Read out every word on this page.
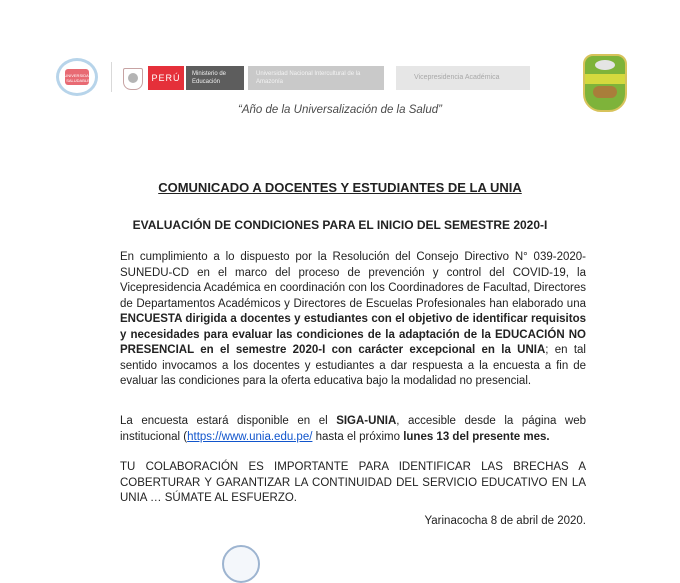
UNIVERSIDAD SALUDABLE	PERÚ	Ministerio de Educación
Universidad Nacional Intercultural de la Amazonía
Vicepresidencia Académica
“Año de la Universalización de la Salud”
COMUNICADO A DOCENTES Y ESTUDIANTES DE LA UNIA
EVALUACIÓN DE CONDICIONES PARA EL INICIO DEL SEMESTRE 2020-I
En cumplimiento a lo dispuesto por la Resolución del Consejo Directivo N° 039-2020-SUNEDU-CD en el marco del proceso de prevención y control del COVID-19, la Vicepresidencia Académica en coordinación con los Coordinadores de Facultad, Directores de Departamentos Académicos y Directores de Escuelas Profesionales han elaborado una ENCUESTA dirigida a docentes y estudiantes con el objetivo de identificar requisitos y necesidades para evaluar las condiciones de la adaptación de la EDUCACIÓN NO PRESENCIAL en el semestre 2020-I con carácter excepcional en la UNIA; en tal sentido invocamos a los docentes y estudiantes a dar respuesta a la encuesta a fin de evaluar las condiciones para la oferta educativa bajo la modalidad no presencial.
La encuesta estará disponible en el SIGA-UNIA, accesible desde la página web institucional (https://www.unia.edu.pe/ hasta el próximo lunes 13 del presente mes.
TU COLABORACIÓN ES IMPORTANTE PARA IDENTIFICAR LAS BRECHAS A COBERTURAR Y GARANTIZAR LA CONTINUIDAD DEL SERVICIO EDUCATIVO EN LA UNIA … SÚMATE AL ESFUERZO.
Yarinacocha 8 de abril de 2020.
